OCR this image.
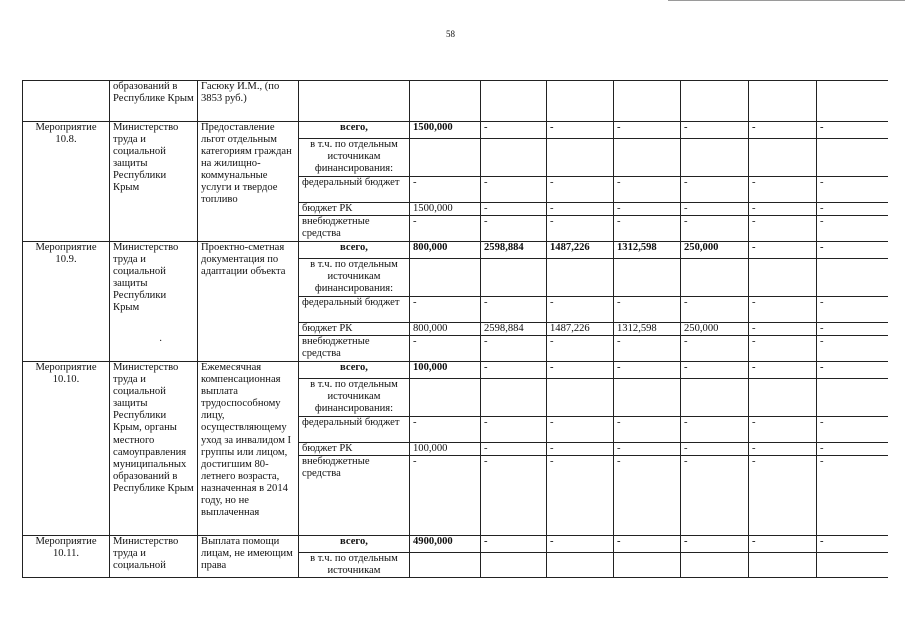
58
	образований в Республике Крым	Гасюку И.М., (по 3853 руб.)								
Мероприятие 10.8.	Министерство труда и социальной защиты Республики Крым	Предоставление льгот отдельным категориям граждан на жилищно-коммунальные услуги и твердое топливо	всего,	1500,000	-	-	-	-	-	-
			в т.ч. по отдельным источникам финансирования:							
			федеральный бюджет	-	-	-	-	-	-	-
			бюджет РК	1500,000	-	-	-	-	-	-
			внебюджетные средства	-	-	-	-	-	-	-
Мероприятие 10.9.	Министерство труда и социальной защиты Республики Крым	Проектно-сметная документация по адаптации объекта	всего,	800,000	2598,884	1487,226	1312,598	250,000	-	-
			в т.ч. по отдельным источникам финансирования:							
			федеральный бюджет	-	-	-	-	-	-	-
			бюджет РК	800,000	2598,884	1487,226	1312,598	250,000	-	-
			внебюджетные средства	-	-	-	-	-	-	-
Мероприятие 10.10.	Министерство труда и социальной защиты Республики Крым, органы местного самоуправления муниципальных образований в Республике Крым	Ежемесячная компенсационная выплата трудоспособному лицу, осуществляющему уход за инвалидом I группы или лицом, достигшим 80-летнего возраста, назначенная в 2014 году, но не выплаченная	всего,	100,000	-	-	-	-	-	-
			в т.ч. по отдельным источникам финансирования:							
			федеральный бюджет	-	-	-	-	-	-	-
			бюджет РК	100,000	-	-	-	-	-	-
			внебюджетные средства	-	-	-	-	-	-	-
Мероприятие 10.11.	Министерство труда и социальной	Выплата помощи лицам, не имеющим права	всего,	4900,000	-	-	-	-	-	-
			в т.ч. по отдельным источникам							
·
